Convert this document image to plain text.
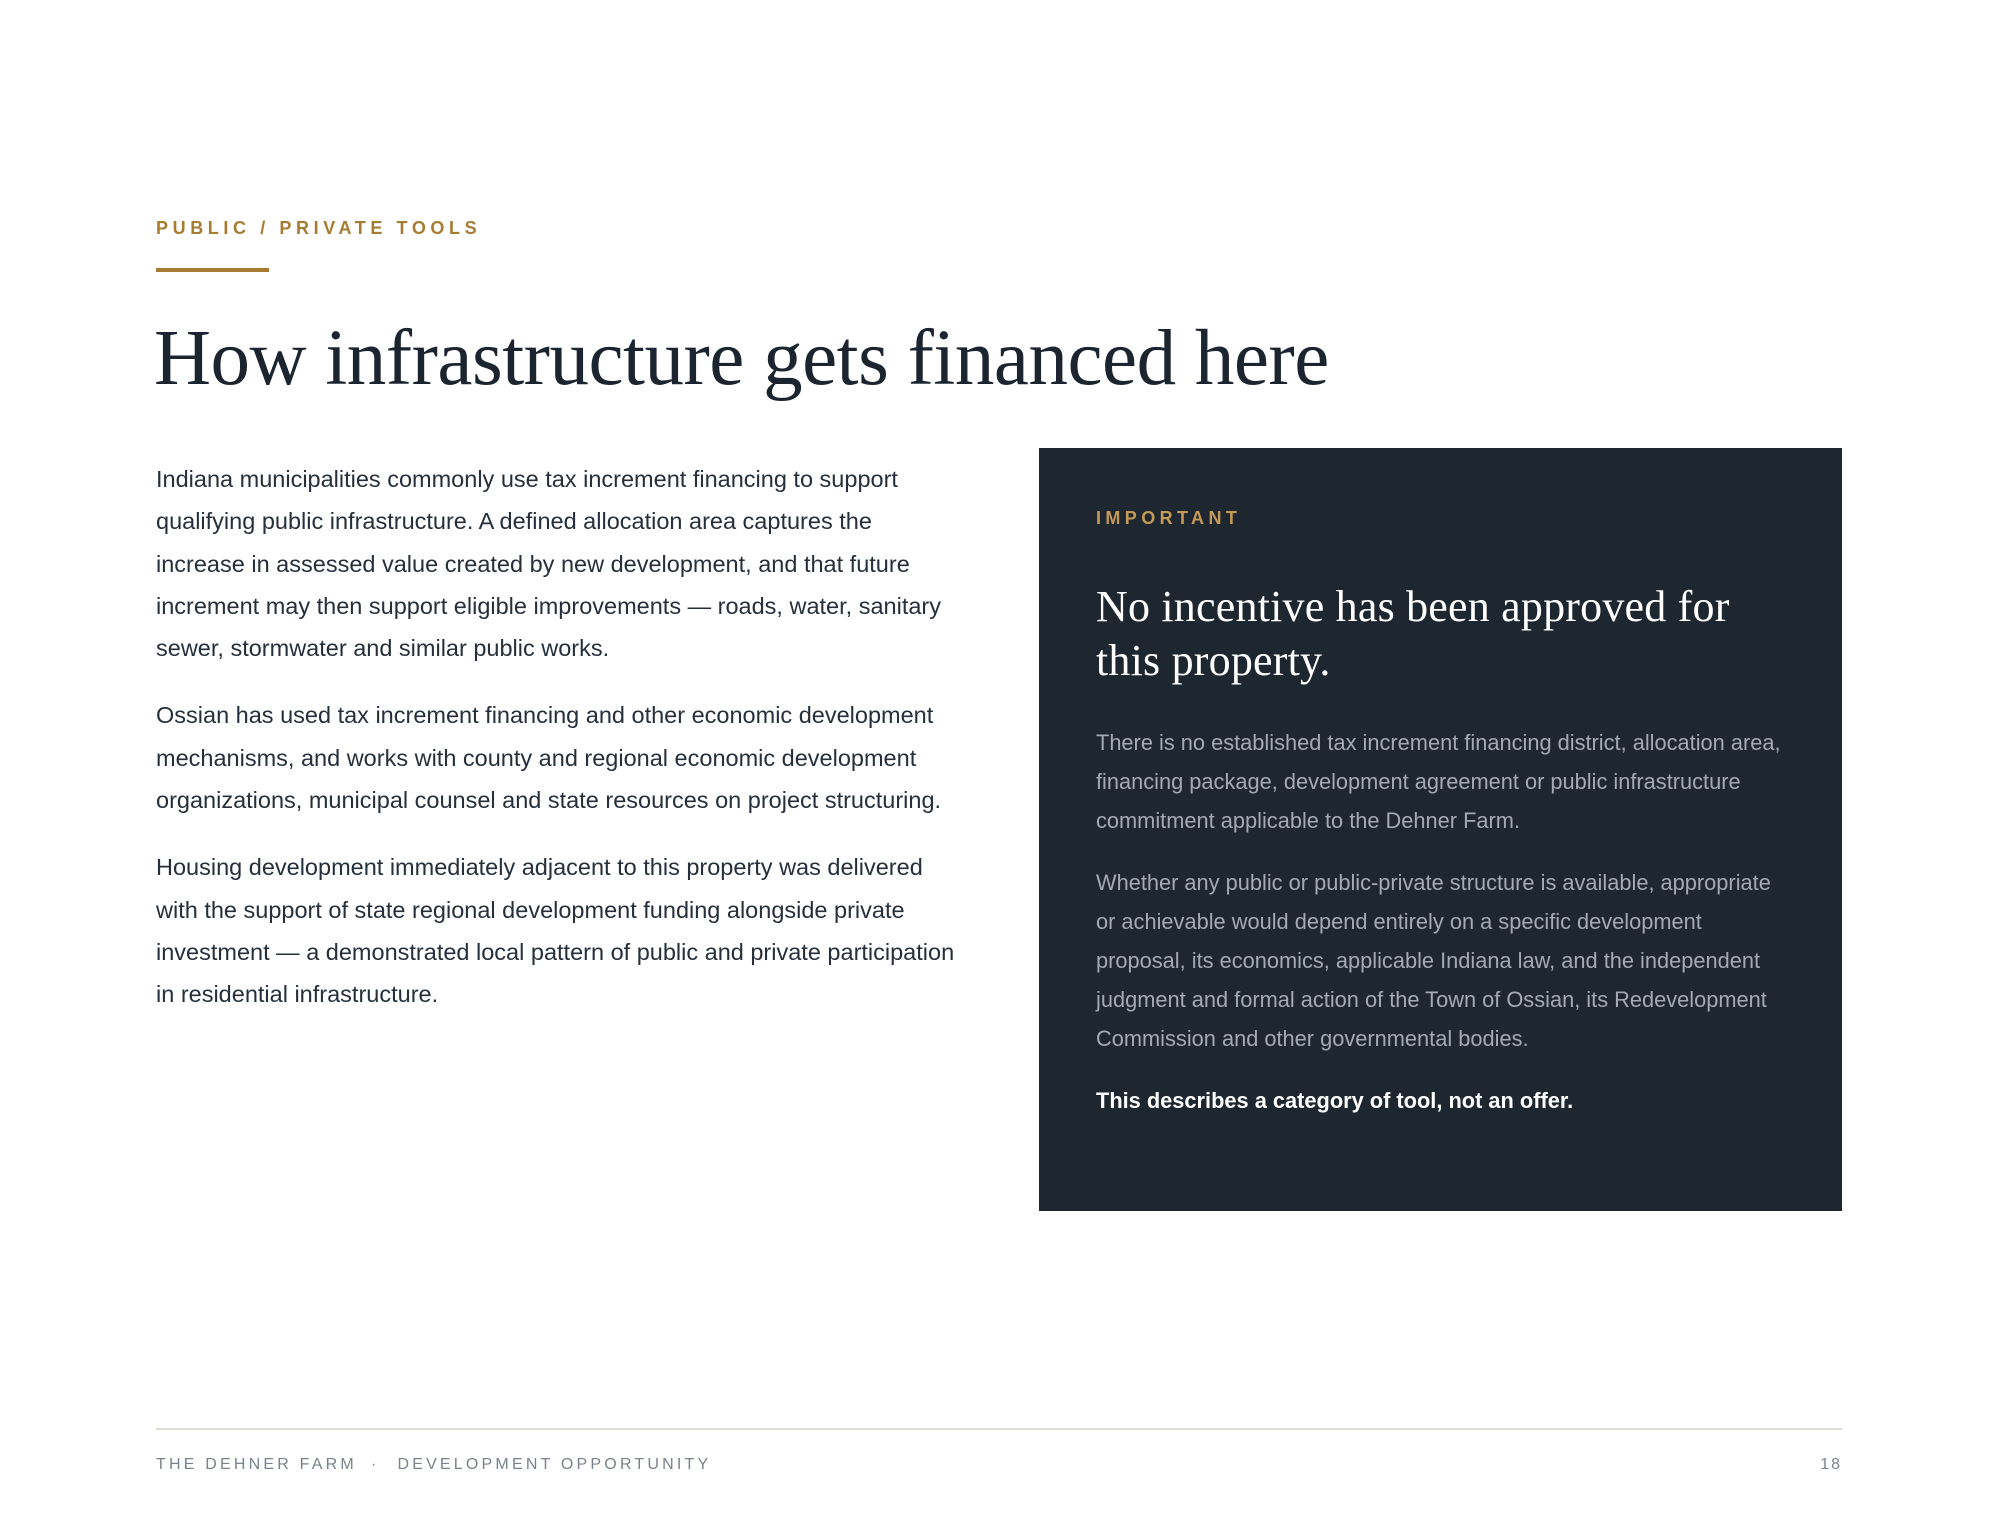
PUBLIC / PRIVATE TOOLS
How infrastructure gets financed here

Indiana municipalities commonly use tax increment financing to support qualifying public infrastructure. A defined allocation area captures the increase in assessed value created by new development, and that future increment may then support eligible improvements — roads, water, sanitary sewer, stormwater and similar public works.

Ossian has used tax increment financing and other economic development mechanisms, and works with county and regional economic development organizations, municipal counsel and state resources on project structuring.

Housing development immediately adjacent to this property was delivered with the support of state regional development funding alongside private investment — a demonstrated local pattern of public and private participation in residential infrastructure.

IMPORTANT
No incentive has been approved for this property.

There is no established tax increment financing district, allocation area, financing package, development agreement or public infrastructure commitment applicable to the Dehner Farm.

Whether any public or public-private structure is available, appropriate or achievable would depend entirely on a specific development proposal, its economics, applicable Indiana law, and the independent judgment and formal action of the Town of Ossian, its Redevelopment Commission and other governmental bodies.

This describes a category of tool, not an offer.

THE DEHNER FARM · DEVELOPMENT OPPORTUNITY	18
